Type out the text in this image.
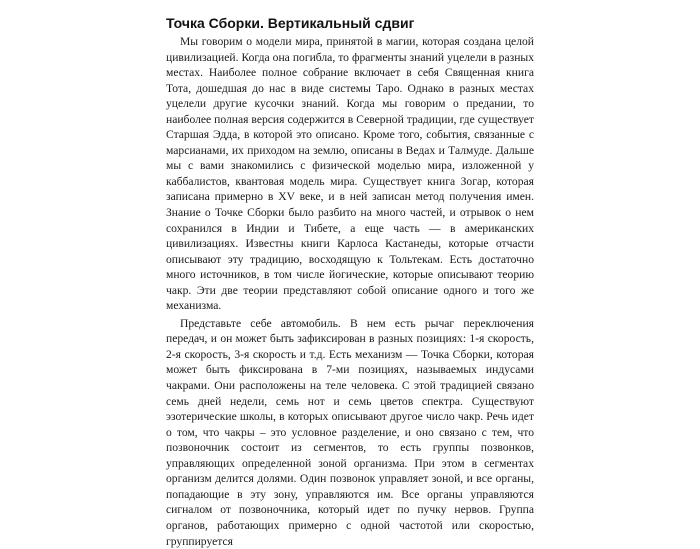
Точка Сборки. Вертикальный сдвиг

Мы говорим о модели мира, принятой в магии, которая создана целой цивилизацией. Когда она погибла, то фрагменты знаний уцелели в разных местах. Наиболее полное собрание включает в себя Священная книга Тота, дошедшая до нас в виде системы Таро. Однако в разных местах уцелели другие кусочки знаний. Когда мы говорим о предании, то наиболее полная версия содержится в Северной традиции, где существует Старшая Эдда, в которой это описано. Кроме того, события, связанные с марсианами, их приходом на землю, описаны в Ведах и Талмуде. Дальше мы с вами знакомились с физической моделью мира, изложенной у каббалистов, квантовая модель мира. Существует книга Зогар, которая записана примерно в XV веке, и в ней записан метод получения имен. Знание о Точке Сборки было разбито на много частей, и отрывок о нем сохранился в Индии и Тибете, а еще часть — в американских цивилизациях. Известны книги Карлоса Кастанеды, которые отчасти описывают эту традицию, восходящую к Тольтекам. Есть достаточно много источников, в том числе йогические, которые описывают теорию чакр. Эти две теории представляют собой описание одного и того же механизма.

Представьте себе автомобиль. В нем есть рычаг переключения передач, и он может быть зафиксирован в разных позициях: 1-я скорость, 2-я скорость, 3-я скорость и т.д. Есть механизм — Точка Сборки, которая может быть фиксирована в 7-ми позициях, называемых индусами чакрами. Они расположены на теле человека. С этой традицией связано семь дней недели, семь нот и семь цветов спектра. Существуют эзотерические школы, в которых описывают другое число чакр. Речь идет о том, что чакры – это условное разделение, и оно связано с тем, что позвоночник состоит из сегментов, то есть группы позвонков, управляющих определенной зоной организма. При этом в сегментах организм делится долями. Один позвонок управляет зоной, и все органы, попадающие в эту зону, управляются им. Все органы управляются сигналом от позвоночника, который идет по пучку нервов. Группа органов, работающих примерно с одной частотой или скоростью, группируется
